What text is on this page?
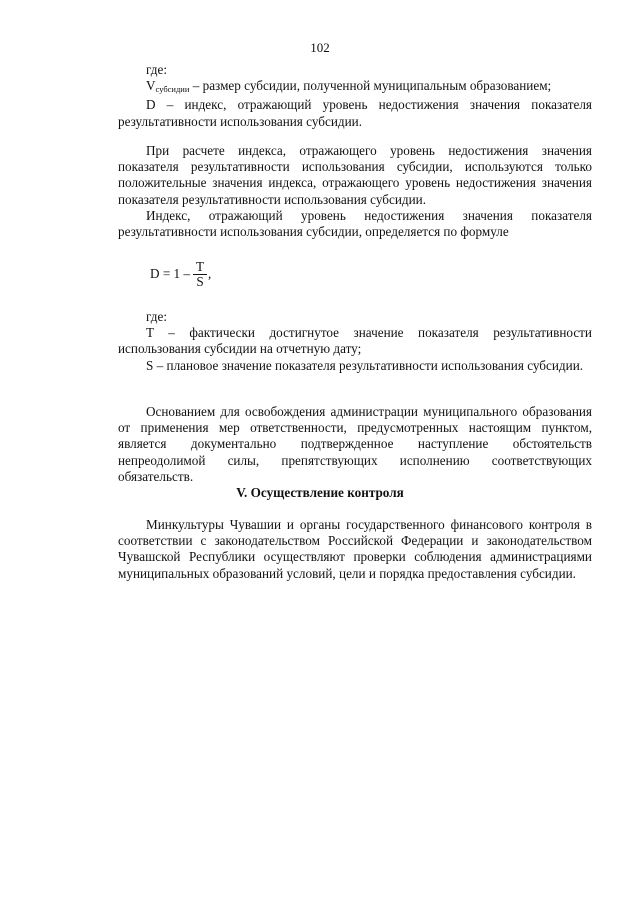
102

где:

$V_{субсидии}$ – размер субсидии, полученной муниципальным образованием;

D – индекс, отражающий уровень недостижения значения показателя результативности использования субсидии.

При расчете индекса, отражающего уровень недостижения значения показателя результативности использования субсидии, используются только положительные значения индекса, отражающего уровень недостижения значения показателя результативности использования субсидии.

Индекс, отражающий уровень недостижения значения показателя результативности использования субсидии, определяется по формуле

$D = 1 - \frac{T}{S}$ ,

где:

T – фактически достигнутое значение показателя результативности использования субсидии на отчетную дату;

S – плановое значение показателя результативности использования субсидии.

Основанием для освобождения администрации муниципального образования от применения мер ответственности, предусмотренных настоящим пунктом, является документально подтвержденное наступление обстоятельств непреодолимой силы, препятствующих исполнению соответствующих обязательств.

V. Осуществление контроля

Минкультуры Чувашии и органы государственного финансового контроля в соответствии с законодательством Российской Федерации и законодательством Чувашской Республики осуществляют проверки соблюдения администрациями муниципальных образований условий, цели и порядка предоставления субсидии.
